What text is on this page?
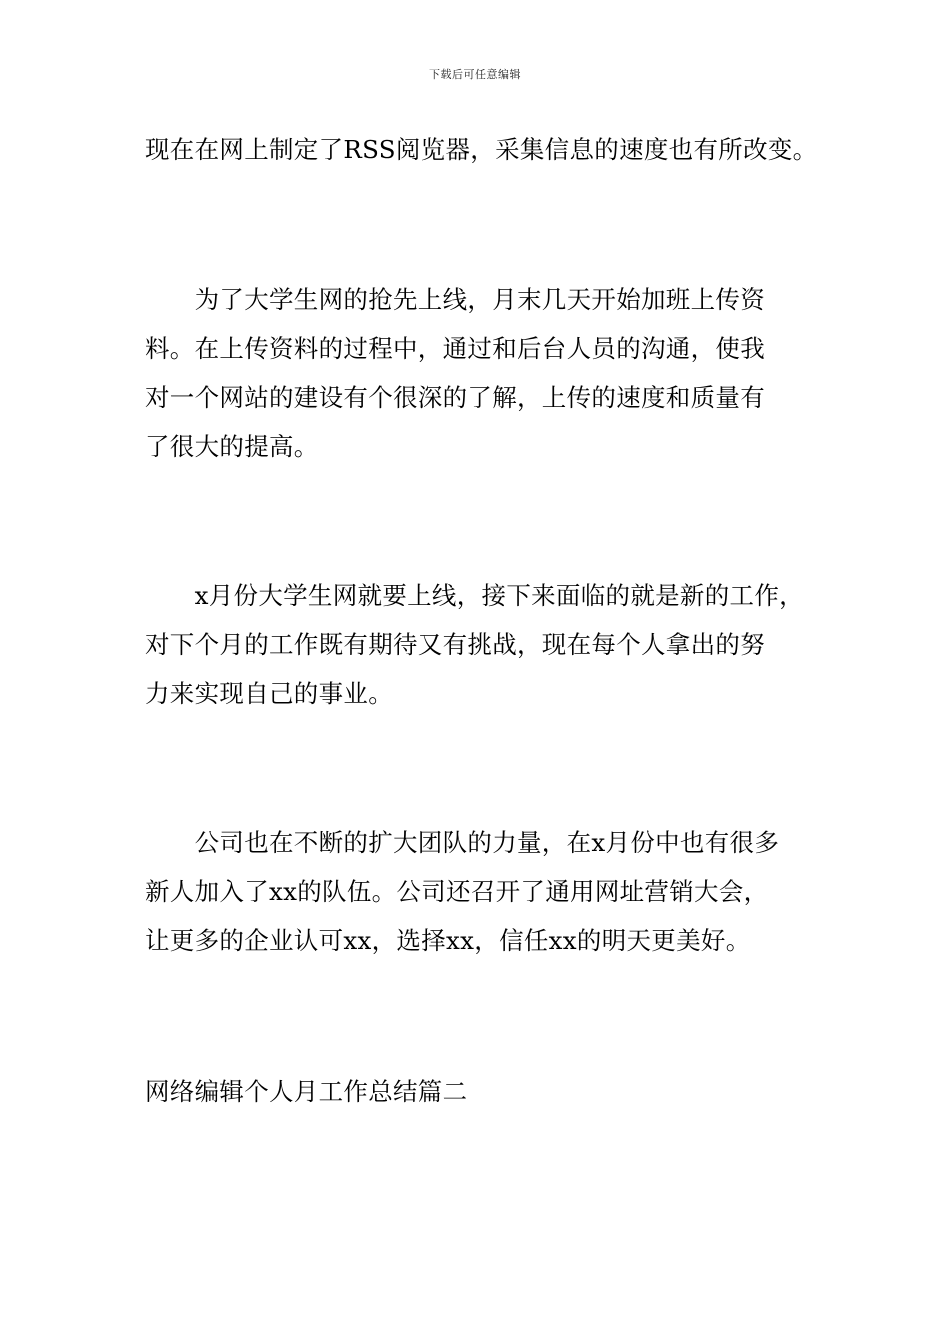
下载后可任意编辑
现在在网上制定了RSS阅览器，采集信息的速度也有所改变。
　　为了大学生网的抢先上线，月末几天开始加班上传资
料。在上传资料的过程中，通过和后台人员的沟通，使我
对一个网站的建设有个很深的了解，上传的速度和质量有
了很大的提高。
　　x月份大学生网就要上线，接下来面临的就是新的工作，
对下个月的工作既有期待又有挑战，现在每个人拿出的努
力来实现自己的事业。
　　公司也在不断的扩大团队的力量，在x月份中也有很多
新人加入了xx的队伍。公司还召开了通用网址营销大会，
让更多的企业认可xx，选择xx，信任xx的明天更美好。
网络编辑个人月工作总结篇二
